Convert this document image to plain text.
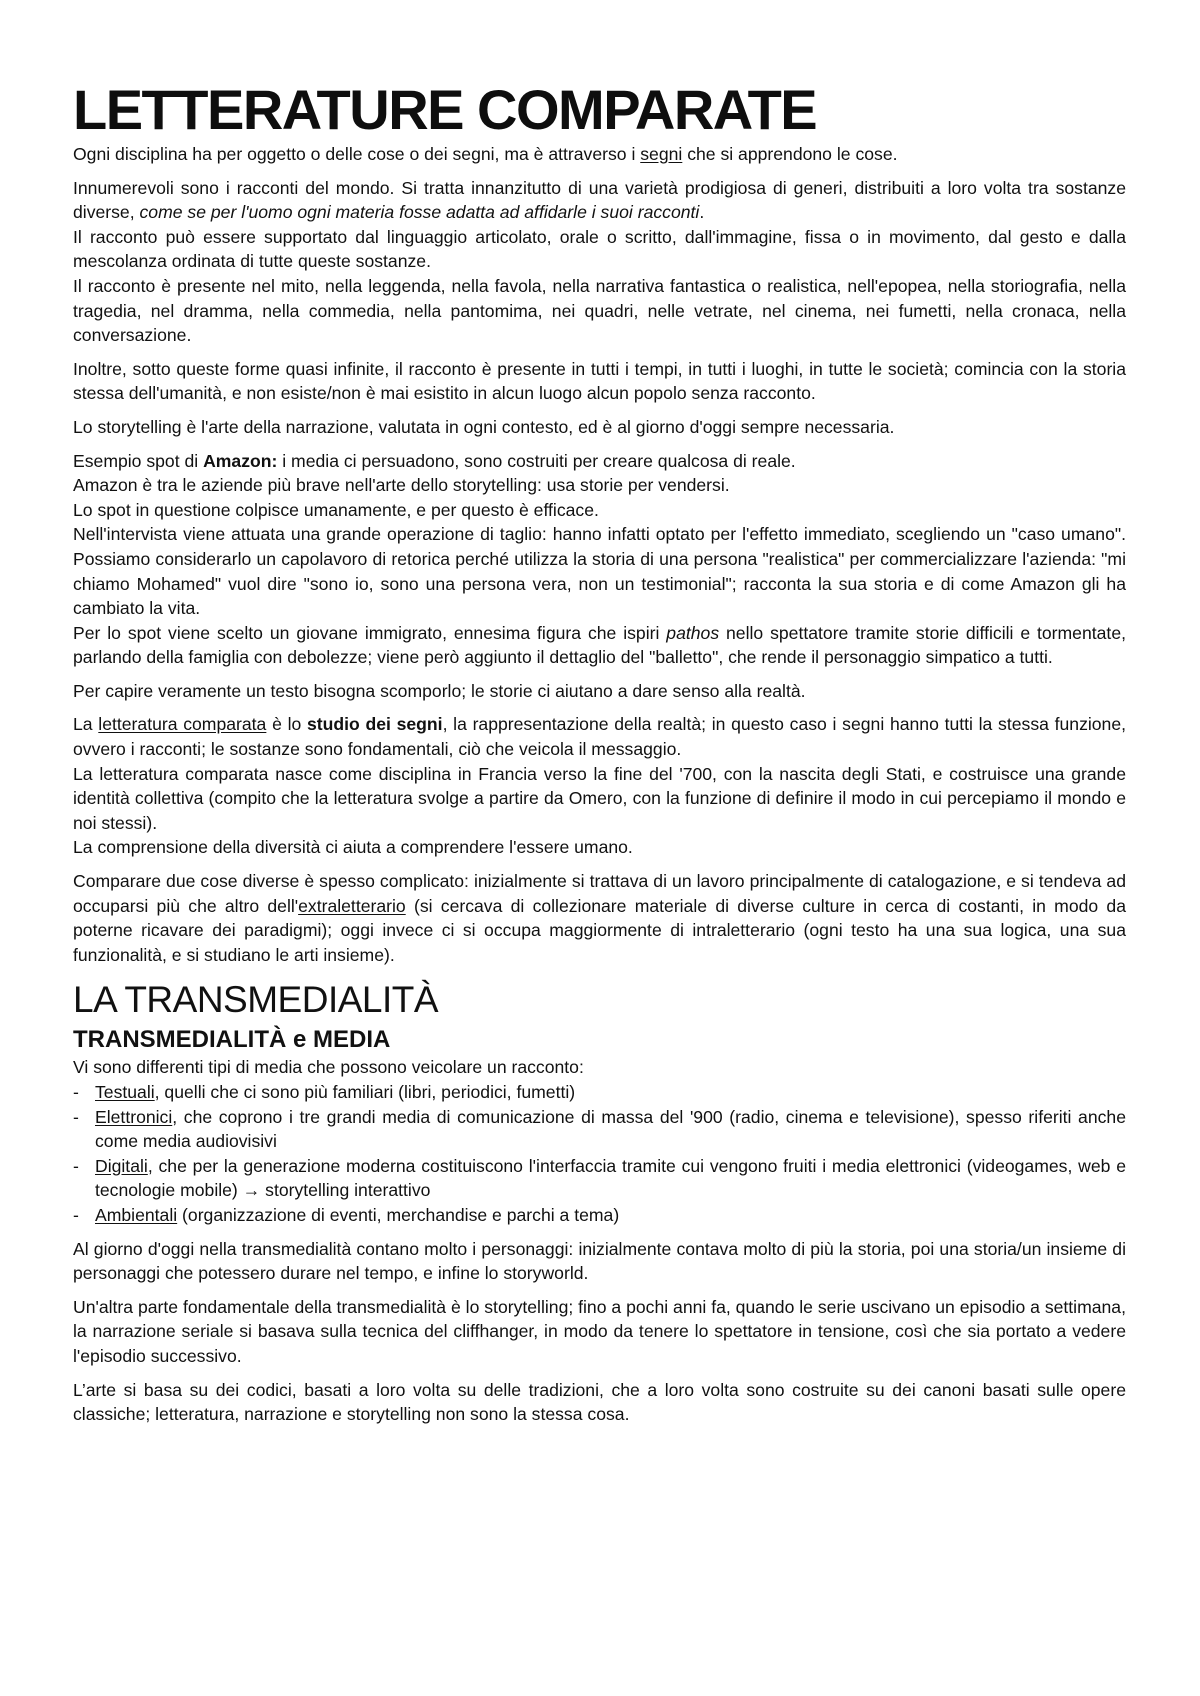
LETTERATURE COMPARATE

Ogni disciplina ha per oggetto o delle cose o dei segni, ma è attraverso i segni che si apprendono le cose.

Innumerevoli sono i racconti del mondo. Si tratta innanzitutto di una varietà prodigiosa di generi, distribuiti a loro volta tra sostanze diverse, come se per l'uomo ogni materia fosse adatta ad affidarle i suoi racconti.

Il racconto può essere supportato dal linguaggio articolato, orale o scritto, dall'immagine, fissa o in movimento, dal gesto e dalla mescolanza ordinata di tutte queste sostanze.

Il racconto è presente nel mito, nella leggenda, nella favola, nella narrativa fantastica o realistica, nell'epopea, nella storiografia, nella tragedia, nel dramma, nella commedia, nella pantomima, nei quadri, nelle vetrate, nel cinema, nei fumetti, nella cronaca, nella conversazione.

Inoltre, sotto queste forme quasi infinite, il racconto è presente in tutti i tempi, in tutti i luoghi, in tutte le società; comincia con la storia stessa dell'umanità, e non esiste/non è mai esistito in alcun luogo alcun popolo senza racconto.

Lo storytelling è l'arte della narrazione, valutata in ogni contesto, ed è al giorno d'oggi sempre necessaria.

Esempio spot di Amazon: i media ci persuadono, sono costruiti per creare qualcosa di reale.

Amazon è tra le aziende più brave nell'arte dello storytelling: usa storie per vendersi.

Lo spot in questione colpisce umanamente, e per questo è efficace.

Nell'intervista viene attuata una grande operazione di taglio: hanno infatti optato per l'effetto immediato, scegliendo un "caso umano". Possiamo considerarlo un capolavoro di retorica perché utilizza la storia di una persona "realistica" per commercializzare l'azienda: "mi chiamo Mohamed" vuol dire "sono io, sono una persona vera, non un testimonial"; racconta la sua storia e di come Amazon gli ha cambiato la vita.

Per lo spot viene scelto un giovane immigrato, ennesima figura che ispiri pathos nello spettatore tramite storie difficili e tormentate, parlando della famiglia con debolezze; viene però aggiunto il dettaglio del "balletto", che rende il personaggio simpatico a tutti.

Per capire veramente un testo bisogna scomporlo; le storie ci aiutano a dare senso alla realtà.

La letteratura comparata è lo studio dei segni, la rappresentazione della realtà; in questo caso i segni hanno tutti la stessa funzione, ovvero i racconti; le sostanze sono fondamentali, ciò che veicola il messaggio.

La letteratura comparata nasce come disciplina in Francia verso la fine del '700, con la nascita degli Stati, e costruisce una grande identità collettiva (compito che la letteratura svolge a partire da Omero, con la funzione di definire il modo in cui percepiamo il mondo e noi stessi).

La comprensione della diversità ci aiuta a comprendere l'essere umano.

Comparare due cose diverse è spesso complicato: inizialmente si trattava di un lavoro principalmente di catalogazione, e si tendeva ad occuparsi più che altro dell'extraletterario (si cercava di collezionare materiale di diverse culture in cerca di costanti, in modo da poterne ricavare dei paradigmi); oggi invece ci si occupa maggiormente di intraletterario (ogni testo ha una sua logica, una sua funzionalità, e si studiano le arti insieme).

LA TRANSMEDIALITÀ
TRANSMEDIALITÀ e MEDIA

Vi sono differenti tipi di media che possono veicolare un racconto:

- Testuali, quelli che ci sono più familiari (libri, periodici, fumetti)
- Elettronici, che coprono i tre grandi media di comunicazione di massa del '900 (radio, cinema e televisione), spesso riferiti anche come media audiovisivi
- Digitali, che per la generazione moderna costituiscono l'interfaccia tramite cui vengono fruiti i media elettronici (videogames, web e tecnologie mobile) → storytelling interattivo
- Ambientali (organizzazione di eventi, merchandise e parchi a tema)

Al giorno d'oggi nella transmedialità contano molto i personaggi: inizialmente contava molto di più la storia, poi una storia/un insieme di personaggi che potessero durare nel tempo, e infine lo storyworld.

Un'altra parte fondamentale della transmedialità è lo storytelling; fino a pochi anni fa, quando le serie uscivano un episodio a settimana, la narrazione seriale si basava sulla tecnica del cliffhanger, in modo da tenere lo spettatore in tensione, così che sia portato a vedere l'episodio successivo.

L’arte si basa su dei codici, basati a loro volta su delle tradizioni, che a loro volta sono costruite su dei canoni basati sulle opere classiche; letteratura, narrazione e storytelling non sono la stessa cosa.
